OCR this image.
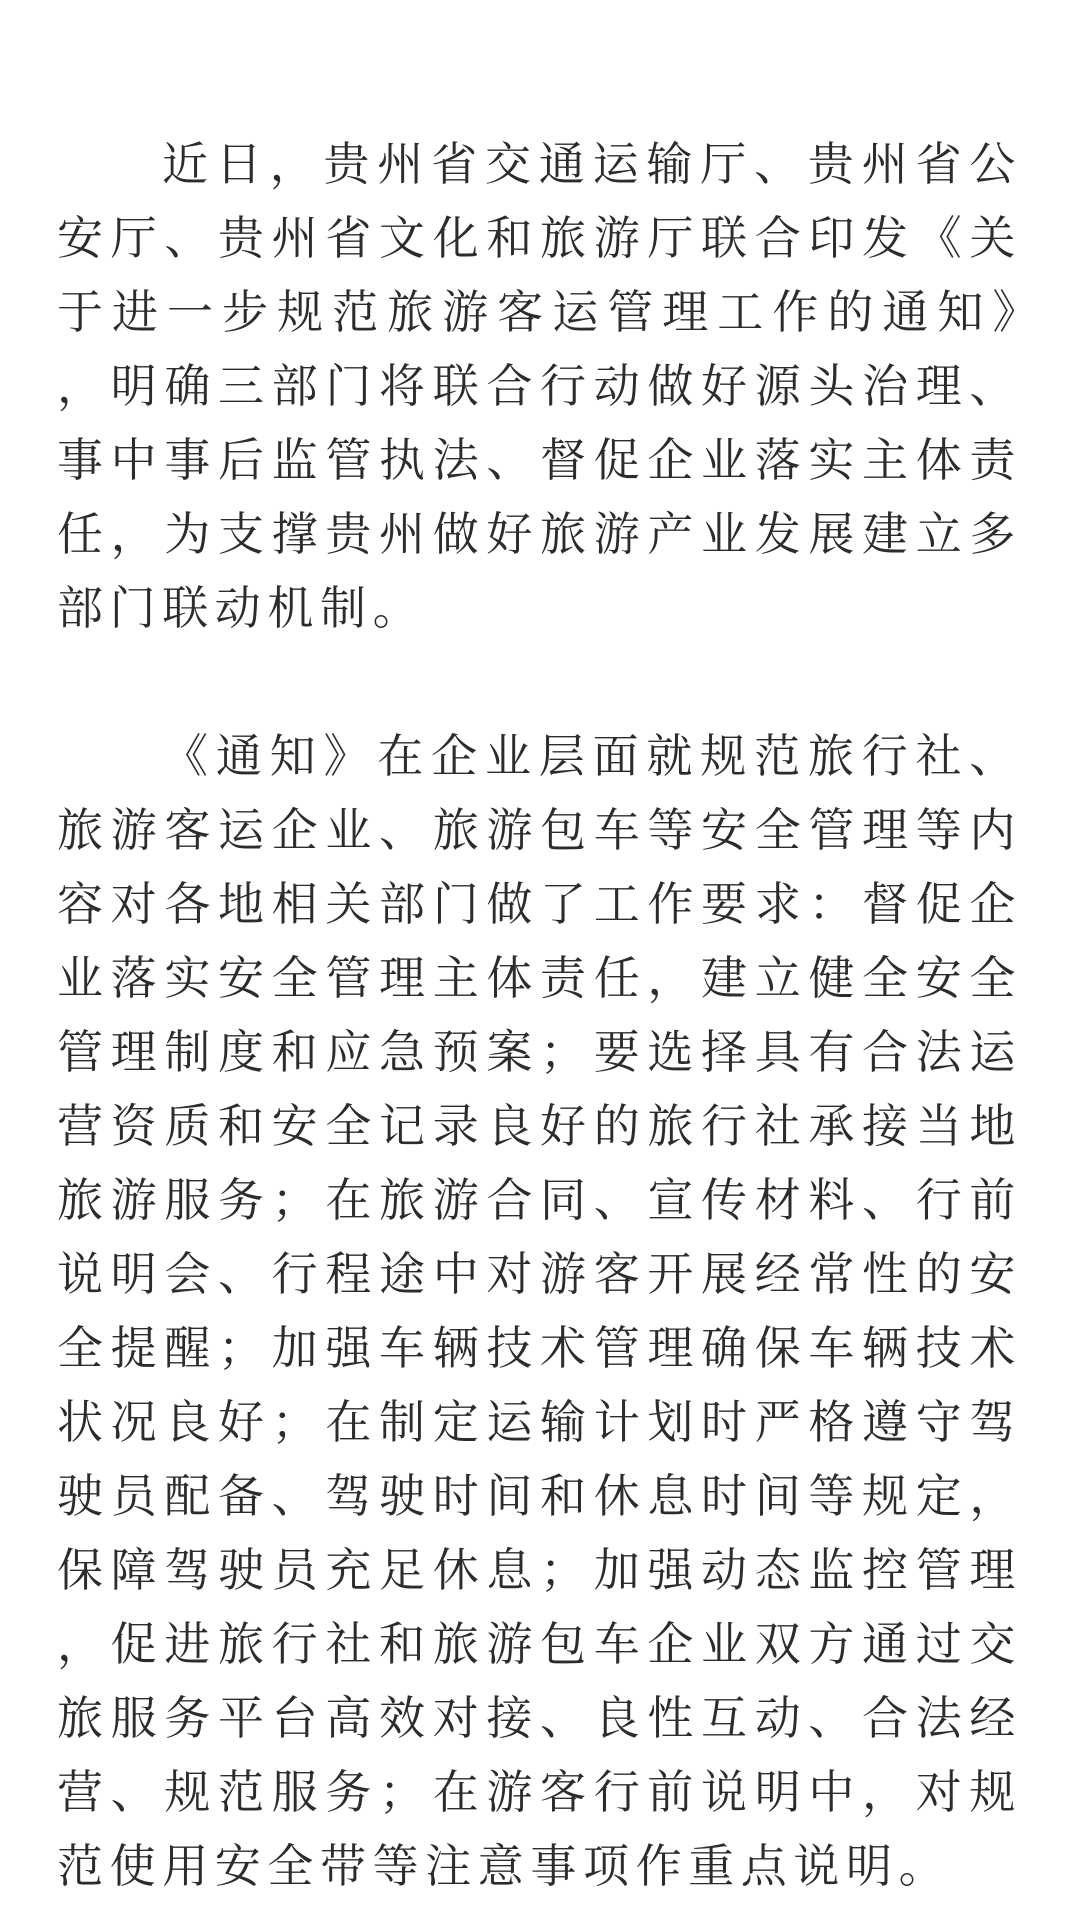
近日，贵州省交通运输厅、贵州省公安厅、贵州省文化和旅游厅联合印发《关于进一步规范旅游客运管理工作的通知》，明确三部门将联合行动做好源头治理、事中事后监管执法、督促企业落实主体责任，为支撑贵州做好旅游产业发展建立多部门联动机制。

《通知》在企业层面就规范旅行社、旅游客运企业、旅游包车等安全管理等内容对各地相关部门做了工作要求：督促企业落实安全管理主体责任，建立健全安全管理制度和应急预案；要选择具有合法运营资质和安全记录良好的旅行社承接当地旅游服务；在旅游合同、宣传材料、行前说明会、行程途中对游客开展经常性的安全提醒；加强车辆技术管理确保车辆技术状况良好；在制定运输计划时严格遵守驾驶员配备、驾驶时间和休息时间等规定，保障驾驶员充足休息；加强动态监控管理，促进旅行社和旅游包车企业双方通过交旅服务平台高效对接、良性互动、合法经营、规范服务；在游客行前说明中，对规范使用安全带等注意事项作重点说明。
